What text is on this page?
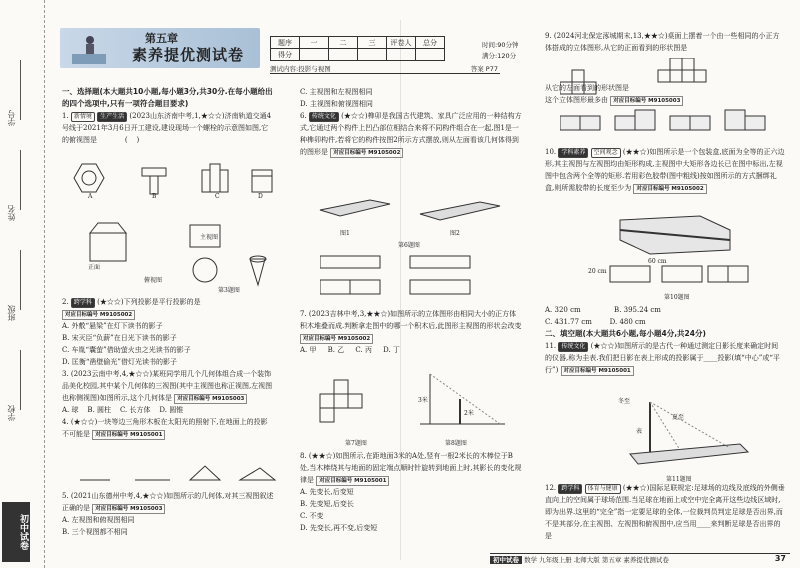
学号
姓名
班级
学校
初中试卷
第五章
素养提优测试卷
题序	一	二	三	评卷人	总分
得分					
时间:90分钟
满分:120分
测试内容:投影与视图	答案 P77

一、选择题(本大题共10小题,每小题3分,共30分.在每小题给出的四个选项中,只有一项符合题目要求)

1. 新情境 生产生活 (2023山东济南中考,1,★☆☆)济南轨道交通4号线于2021年3月6日开工建设,建设现场一个螺栓的示意图如图,它的俯视图是	(    )

A	B	C	D
正面
主视图
俯视图
第3题图

2. 跨学科 (★☆☆)下列投影是平行投影的是 对应目标编号 M9105002

A. 外敷“悬梁”在灯下读书的影子

B. 宋灭臣“负薪”在日光下读书的影子

C. 车胤“囊萤”借助萤火虫之光读书的影子

D. 匡衡“凿壁偷光”借灯光读书的影子

3. (2023云南中考,4,★☆☆)某班同学用几个几何体组合成一个装饰品美化校园,其中某个几何体的三视图(其中主视图也称正视图,左视图也称侧视图)如图所示,这个几何体是 对应目标编号 M9105003

A. 球 B. 圆柱 C. 长方体 D. 圆锥

4. (★☆☆)一块等边三角形木板在太阳光的照射下,在地面上的投影不可能是 对应目标编号 M9105001

5. (2021山东德州中考,4,★☆☆)如图所示的几何体,对其三视图叙述正确的是 对应目标编号 M9105003

A. 左视图和俯视图相同

B. 三个视图都不相同

C. 主视图和左视图相同

D. 主视图和俯视图相同

6. 传统文化 (★☆☆)榫卯是我国古代建筑、家具广泛应用的一种结构方式,它通过两个构件上凹凸部位相结合来将不同构件组合在一起,图1是一种榫卯构件,若将它的构件按图2所示方式摆放,则从左面看该几何体得到的图形是 对应目标编号 M9105002

图1	图2
第6题图

7. (2023吉林中考,3,★★☆)如图所示的立体图形由相同大小的正方体积木堆叠而成.判断拿走图中的哪一个积木后,此图形主视图的形状会改变 对应目标编号 M9105002

A. 甲 B. 乙 C. 丙 D. 丁

第7题图	第8题图
3米
2米

8. (★★☆)如图所示,在距地面3米的A处,竖有一根2米长的木棒位于B处,当木棒绕其与地面的固定端点顺时针旋转到地面上时,其影长的变化规律是 对应目标编号 M9105001

A. 先变长,后变短

B. 先变短,后变长

C. 不变

D. 先变长,再不变,后变短

9. (2024河北保定涿城期末,13,★★☆)桌面上摆着一个由一些相同的小正方体搭成的立体图形,从它的正面看到的形状图是

从它的左面看到的形状图是

这个立体图形最多由 对应目标编号 M9105003

10. 学科素养 空间观念 (★★☆)如图所示是一个包装盒,底面为全等的正六边形,其主视图与左视图均由矩形构成,主视图中大矩形各边长已在图中标出,左视图中包含两个全等的矩形.若用彩色胶带(图中粗线)按如图所示的方式捆绑礼盒,则所需胶带的长度至少为 对应目标编号 M9105002

60 cm
20 cm
第10题图

A. 320 cm	B. 395.24 cm

C. 431.77 cm	D. 480 cm

二、填空题(本大题共6小题,每小题4分,共24分)

11. 传统文化 (★☆☆)如图所示的是古代一种通过测定日影长度来确定时间的仪器,称为圭表.我们把日影在表上形成的投影属于____投影(填“中心”或“平行”) 对应目标编号 M9105001

冬至
夏至
表
第11题图

12. 跨学科 体育与健康 (★★☆)国际足联规定:足球场的边线及底线的外侧垂直向上的空间属于球场范围.当足球在地面上或空中完全离开这些边线区域时,即为出界.这里的“完全”指一定要足球的全体,一位裁判员判定足球是否出界,而不是其部分,在主视图、左视图和俯视图中,应当用____来判断足球是否出界的是

初中试卷 数学 九年级上册 北师大版 第五章 素养提优测试卷	37
